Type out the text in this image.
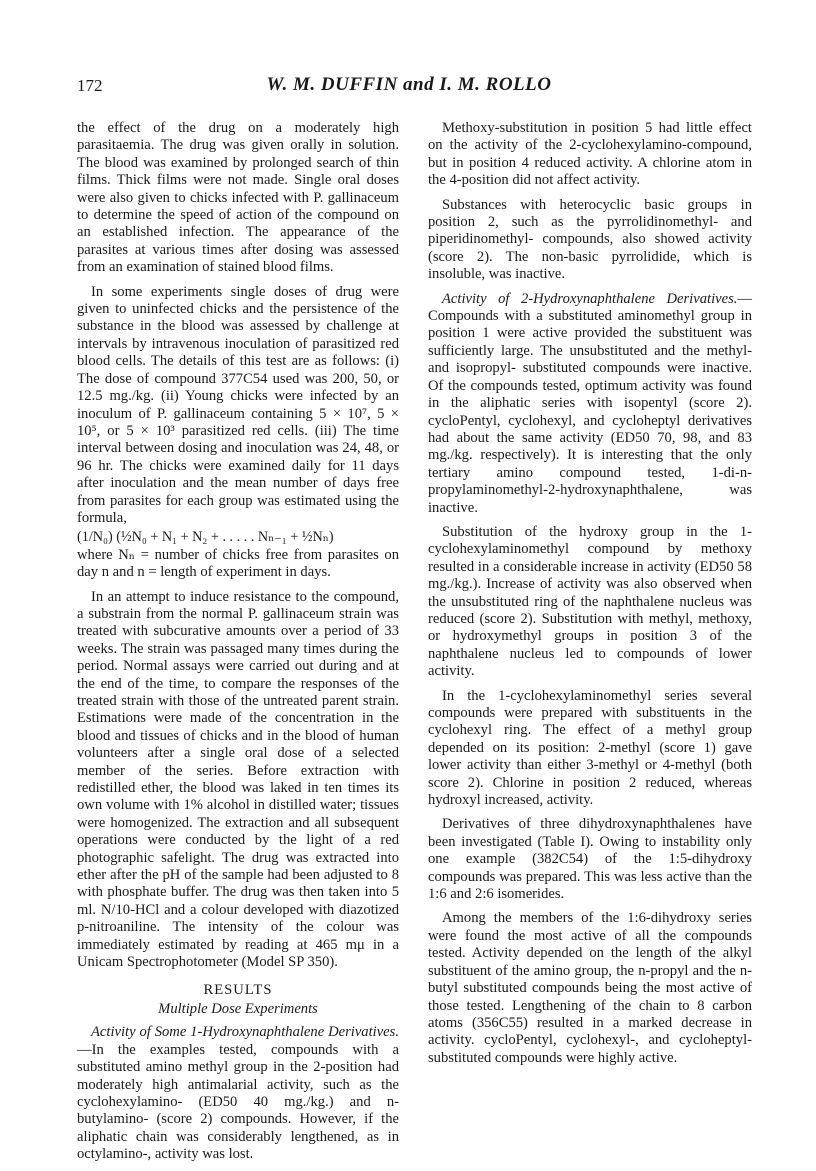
172	W. M. DUFFIN and I. M. ROLLO

the effect of the drug on a moderately high parasitaemia. The drug was given orally in solution. The blood was examined by prolonged search of thin films. Thick films were not made. Single oral doses were also given to chicks infected with P. gallinaceum to determine the speed of action of the compound on an established infection. The appearance of the parasites at various times after dosing was assessed from an examination of stained blood films.

In some experiments single doses of drug were given to uninfected chicks and the persistence of the substance in the blood was assessed by challenge at intervals by intravenous inoculation of parasitized red blood cells. The details of this test are as follows: (i) The dose of compound 377C54 used was 200, 50, or 12.5 mg./kg. (ii) Young chicks were infected by an inoculum of P. gallinaceum containing 5 × 10⁷, 5 × 10⁵, or 5 × 10³ parasitized red cells. (iii) The time interval between dosing and inoculation was 24, 48, or 96 hr. The chicks were examined daily for 11 days after inoculation and the mean number of days free from parasites for each group was estimated using the formula,

(1/N₀) (½N₀ + N₁ + N₂ + . . . . . Nₙ₋₁ + ½Nₙ)

where Nₙ = number of chicks free from parasites on day n and n = length of experiment in days.

In an attempt to induce resistance to the compound, a substrain from the normal P. gallinaceum strain was treated with subcurative amounts over a period of 33 weeks. The strain was passaged many times during the period. Normal assays were carried out during and at the end of the time, to compare the responses of the treated strain with those of the untreated parent strain. Estimations were made of the concentration in the blood and tissues of chicks and in the blood of human volunteers after a single oral dose of a selected member of the series. Before extraction with redistilled ether, the blood was laked in ten times its own volume with 1% alcohol in distilled water; tissues were homogenized. The extraction and all subsequent operations were conducted by the light of a red photographic safelight. The drug was extracted into ether after the pH of the sample had been adjusted to 8 with phosphate buffer. The drug was then taken into 5 ml. N/10-HCl and a colour developed with diazotized p-nitroaniline. The intensity of the colour was immediately estimated by reading at 465 mμ in a Unicam Spectrophotometer (Model SP 350).

RESULTS
Multiple Dose Experiments

Activity of Some 1-Hydroxynaphthalene Derivatives.—In the examples tested, compounds with a substituted amino methyl group in the 2-position had moderately high antimalarial activity, such as the cyclohexylamino- (ED50 40 mg./kg.) and n-butylamino- (score 2) compounds. However, if the aliphatic chain was considerably lengthened, as in octylamino-, activity was lost.

Methoxy-substitution in position 5 had little effect on the activity of the 2-cyclohexylamino-compound, but in position 4 reduced activity. A chlorine atom in the 4-position did not affect activity.

Substances with heterocyclic basic groups in position 2, such as the pyrrolidinomethyl- and piperidinomethyl- compounds, also showed activity (score 2). The non-basic pyrrolidide, which is insoluble, was inactive.

Activity of 2-Hydroxynaphthalene Derivatives.—Compounds with a substituted aminomethyl group in position 1 were active provided the substituent was sufficiently large. The unsubstituted and the methyl- and isopropyl- substituted compounds were inactive. Of the compounds tested, optimum activity was found in the aliphatic series with isopentyl (score 2). cycloPentyl, cyclohexyl, and cycloheptyl derivatives had about the same activity (ED50 70, 98, and 83 mg./kg. respectively). It is interesting that the only tertiary amino compound tested, 1-di-n-propylaminomethyl-2-hydroxynaphthalene, was inactive.

Substitution of the hydroxy group in the 1-cyclohexylaminomethyl compound by methoxy resulted in a considerable increase in activity (ED50 58 mg./kg.). Increase of activity was also observed when the unsubstituted ring of the naphthalene nucleus was reduced (score 2). Substitution with methyl, methoxy, or hydroxymethyl groups in position 3 of the naphthalene nucleus led to compounds of lower activity.

In the 1-cyclohexylaminomethyl series several compounds were prepared with substituents in the cyclohexyl ring. The effect of a methyl group depended on its position: 2-methyl (score 1) gave lower activity than either 3-methyl or 4-methyl (both score 2). Chlorine in position 2 reduced, whereas hydroxyl increased, activity.

Derivatives of three dihydroxynaphthalenes have been investigated (Table I). Owing to instability only one example (382C54) of the 1:5-dihydroxy compounds was prepared. This was less active than the 1:6 and 2:6 isomerides.

Among the members of the 1:6-dihydroxy series were found the most active of all the compounds tested. Activity depended on the length of the alkyl substituent of the amino group, the n-propyl and the n-butyl substituted compounds being the most active of those tested. Lengthening of the chain to 8 carbon atoms (356C55) resulted in a marked decrease in activity. cycloPentyl, cyclohexyl-, and cycloheptyl- substituted compounds were highly active.
